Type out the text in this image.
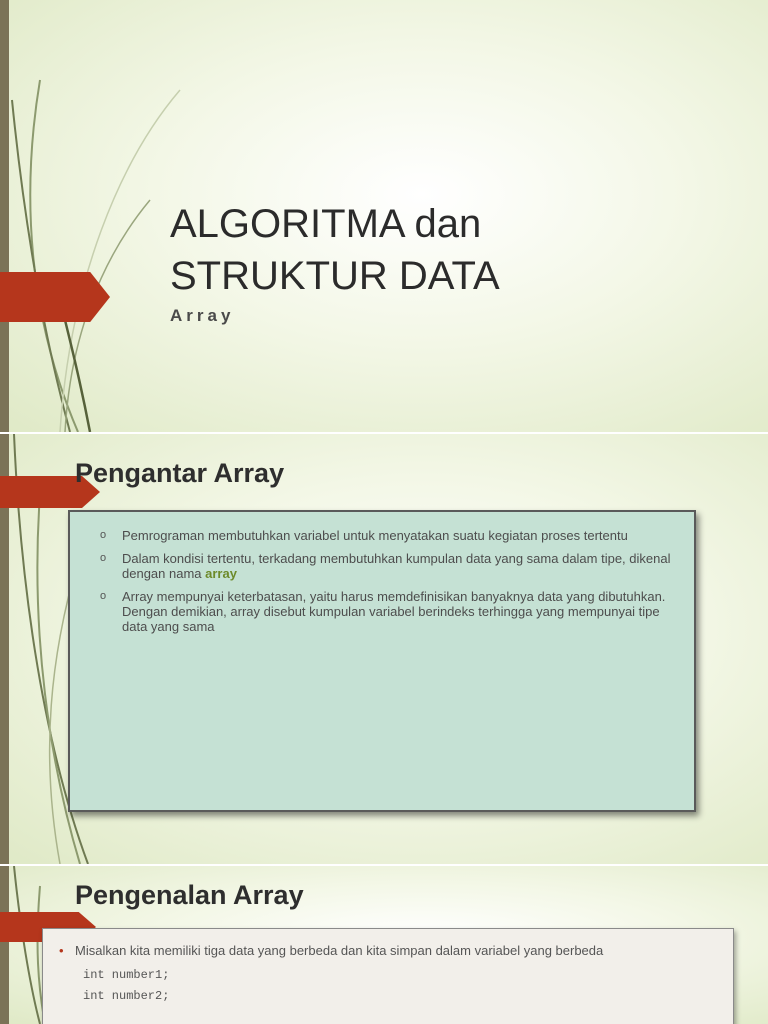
ALGORITMA dan
STRUKTUR DATA
Array
Pengantar Array
o Pemrograman membutuhkan variabel untuk menyatakan suatu kegiatan proses tertentu
o Dalam kondisi tertentu, terkadang membutuhkan kumpulan data yang sama dalam tipe, dikenal dengan nama array
o Array mempunyai keterbatasan, yaitu harus memdefinisikan banyaknya data yang dibutuhkan. Dengan demikian, array disebut kumpulan variabel berindeks terhingga yang mempunyai tipe data yang sama
Pengenalan Array
• Misalkan kita memiliki tiga data yang berbeda dan kita simpan dalam variabel yang berbeda
int number1;
int number2;
